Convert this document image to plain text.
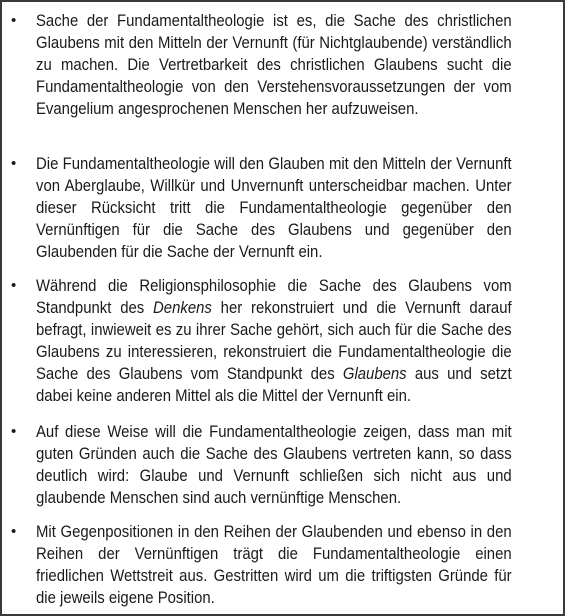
•	Sache der Fundamentaltheologie ist es, die Sache des christlichen Glaubens mit den Mitteln der Vernunft (für Nichtglaubende) verständlich zu machen. Die Vertretbarkeit des christlichen Glaubens sucht die Fundamentaltheologie von den Verstehensvoraussetzungen der vom Evangelium angesprochenen Menschen her aufzuweisen.
•	Die Fundamentaltheologie will den Glauben mit den Mitteln der Vernunft von Aberglaube, Willkür und Unvernunft unterscheidbar machen. Unter dieser Rücksicht tritt die Fundamentaltheologie gegenüber den Vernünftigen für die Sache des Glaubens und gegenüber den Glaubenden für die Sache der Vernunft ein.
•	Während die Religionsphilosophie die Sache des Glaubens vom Standpunkt des Denkens her rekonstruiert und die Vernunft darauf befragt, inwieweit es zu ihrer Sache gehört, sich auch für die Sache des Glaubens zu interessieren, rekonstruiert die Fundamentaltheologie die Sache des Glaubens vom Standpunkt des Glaubens aus und setzt dabei keine anderen Mittel als die Mittel der Vernunft ein.
•	Auf diese Weise will die Fundamentaltheologie zeigen, dass man mit guten Gründen auch die Sache des Glaubens vertreten kann, so dass deutlich wird: Glaube und Vernunft schließen sich nicht aus und glaubende Menschen sind auch vernünftige Menschen.
•	Mit Gegenpositionen in den Reihen der Glaubenden und ebenso in den Reihen der Vernünftigen trägt die Fundamentaltheologie einen friedlichen Wettstreit aus. Gestritten wird um die triftigsten Gründe für die jeweils eigene Position.
